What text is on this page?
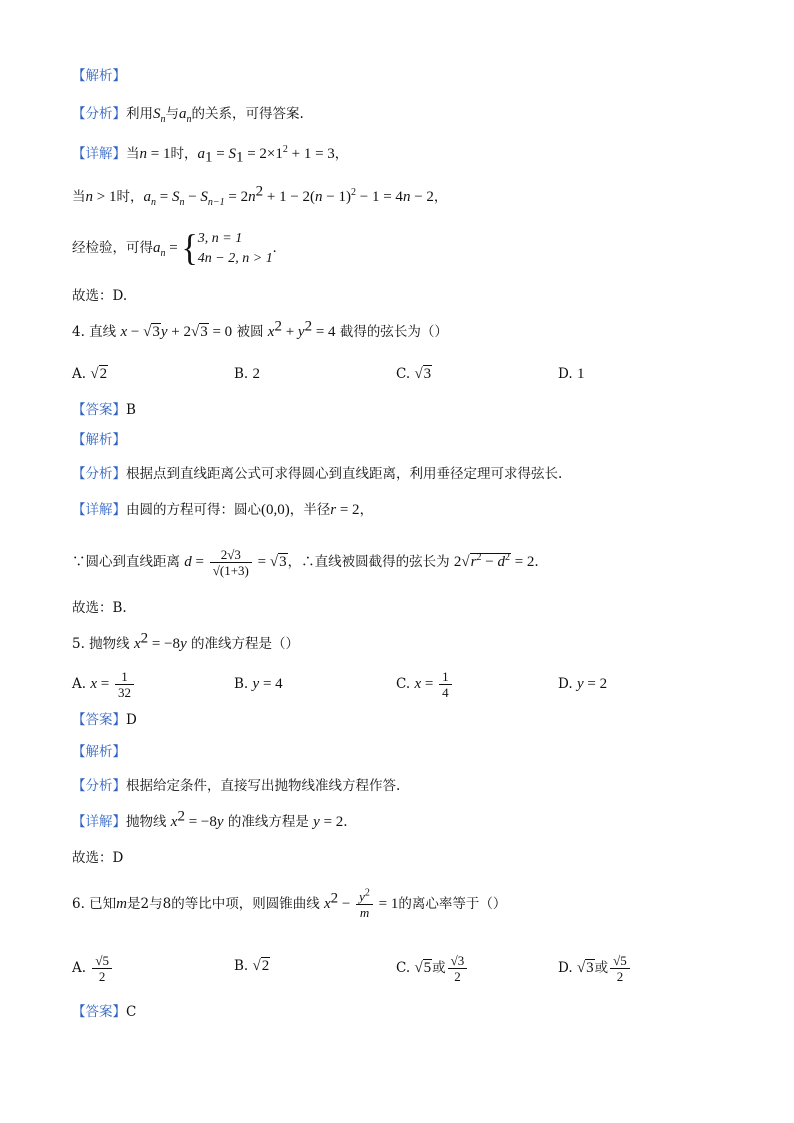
【解析】
【分析】利用$S_n$与$a_n$的关系，可得答案.
【详解】当n = 1时，$a_1 = S_1 = 2\times 1^2 + 1 = 3$，
当n > 1时，$a_n = S_n - S_{n-1} = 2n^2 + 1 - 2(n - 1)^2 - 1 = 4n - 2$，
经检验，可得$a_n$ = { 3, n = 1
4n − 2, n > 1
.
故选：D.
4. 直线 x − √3y + 2√3 = 0 被圆 $x^2 + y^2 = 4$ 截得的弦长为（）
A. √2	B. 2	C. √3	D. 1
【答案】B
【解析】
【分析】根据点到直线距离公式可求得圆心到直线距离，利用垂径定理可求得弦长.
【详解】由圆的方程可得：圆心(0,0)，半径r = 2，
∵圆心到直线距离 $d = \frac{2√3}{√(1+3)} = √3$，∴直线被圆截得的弦长为 $2√r^2 - d^2 = 2$.
故选：B.
5. 抛物线 $x^2 = -8y$ 的准线方程是（）
A. $x = \frac{1}{32}$	B. y = 4	C. $x = \frac{1}{4}$	D. y = 2
【答案】D
【解析】
【分析】根据给定条件，直接写出抛物线准线方程作答.
【详解】抛物线 $x^2 = -8y$ 的准线方程是 y = 2.
故选：D
6. 已知m是2与8的等比中项，则圆锥曲线 $x^2 - \frac{y^2}{m} = 1$的离心率等于（）
A. $\frac{√5}{2}$	B. √2	C. √5或 $\frac{√3}{2}$	D. √3或 $\frac{√5}{2}$
【答案】C
